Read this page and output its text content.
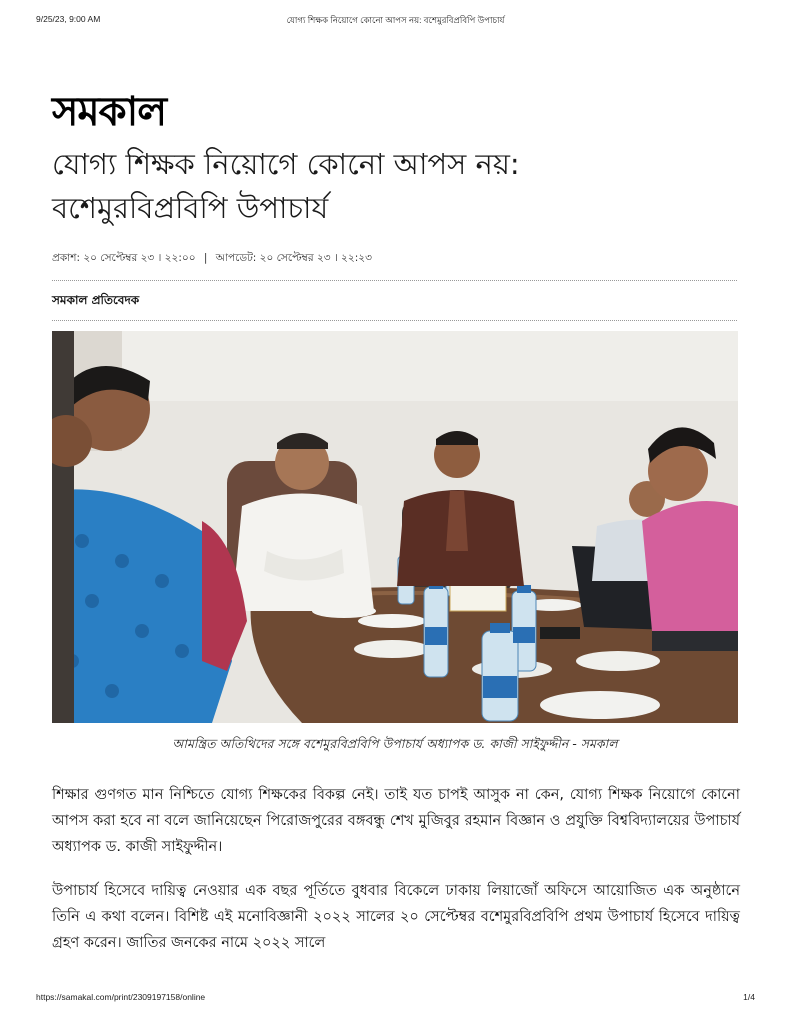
9/25/23, 9:00 AM	যোগ্য শিক্ষক নিয়োগে কোনো আপস নয়: বশেমুরবিপ্রবিপি উপাচার্য
সমকাল
যোগ্য শিক্ষক নিয়োগে কোনো আপস নয়:
বশেমুরবিপ্রবিপি উপাচার্য
প্রকাশ: ২০ সেপ্টেম্বর ২৩ । ২২:০০ | আপডেট: ২০ সেপ্টেম্বর ২৩ । ২২:২৩
সমকাল প্রতিবেদক
আমন্ত্রিত অতিথিদের সঙ্গে বশেমুরবিপ্রবিপি উপাচার্য অধ্যাপক ড. কাজী সাইফুদ্দীন - সমকাল

শিক্ষার গুণগত মান নিশ্চিতে যোগ্য শিক্ষকের বিকল্প নেই। তাই যত চাপই আসুক না কেন, যোগ্য শিক্ষক নিয়োগে কোনো আপস করা হবে না বলে জানিয়েছেন পিরোজপুরের বঙ্গবন্ধু শেখ মুজিবুর রহমান বিজ্ঞান ও প্রযুক্তি বিশ্ববিদ্যালয়ের উপাচার্য অধ্যাপক ড. কাজী সাইফুদ্দীন।

উপাচার্য হিসেবে দায়িত্ব নেওয়ার এক বছর পূর্তিতে বুধবার বিকেলে ঢাকায় লিয়াজোঁ অফিসে আয়োজিত এক অনুষ্ঠানে তিনি এ কথা বলেন। বিশিষ্ট এই মনোবিজ্ঞানী ২০২২ সালের ২০ সেপ্টেম্বর বশেমুরবিপ্রবিপি প্রথম উপাচার্য হিসেবে দায়িত্ব গ্রহণ করেন। জাতির জনকের নামে ২০২২ সালে

https://samakal.com/print/2309197158/online	1/4
